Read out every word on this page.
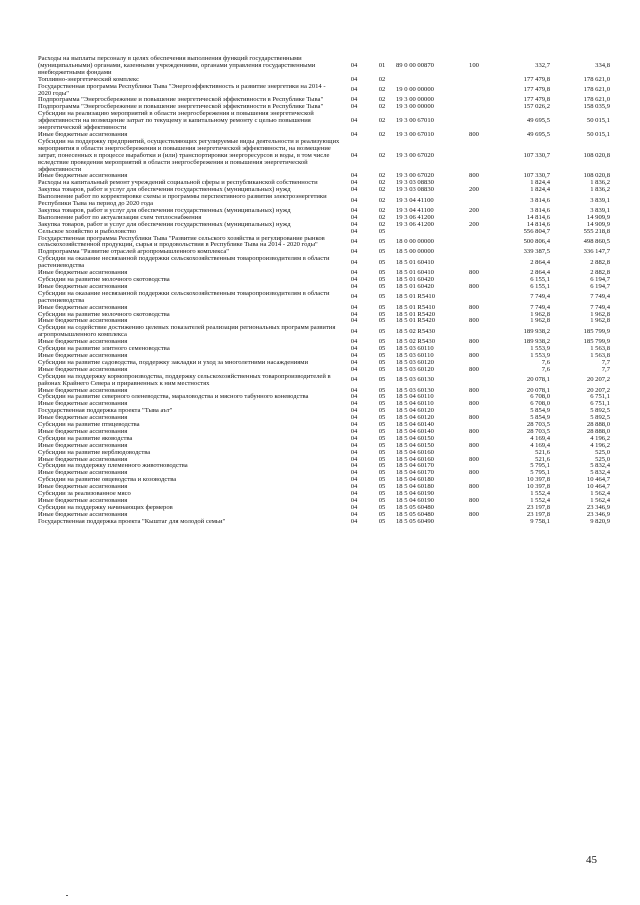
Расходы на выплаты персоналу в целях обеспечения выполнения функций государственными (муниципальными) органами, казенными учреждениями, органами управления государственными внебюджетными фондами	04	01	89 0 00 00870	100	332,7	334,8
Топливно-энергетический комплекс	04	02			177 479,8	178 621,0
Государственная программа Республики Тыва "Энергоэффективность и развитие энергетики на 2014 - 2020 годы"	04	02	19 0 00 00000		177 479,8	178 621,0
Подпрограмма "Энергосбережение и повышение энергетической эффективности в Республике Тыва"	04	02	19 3 00 00000		177 479,8	178 621,0
Подпрограмма "Энергосбережение и повышение энергетической эффективности в Республике Тыва"	04	02	19 3 00 00000		157 026,2	158 035,9
Субсидии на реализацию мероприятий в области энергосбережения и повышения энергетической эффективности на возмещение затрат по текущему и капитальному ремонту с целью повышения энергетической эффективности	04	02	19 3 00 67010		49 695,5	50 015,1
Иные бюджетные ассигнования	04	02	19 3 00 67010	800	49 695,5	50 015,1
Субсидии на поддержку предприятий, осуществляющих регулируемые виды деятельности и реализующих мероприятия в области энергосбережения и повышения энергетической эффективности, на возмещение затрат, понесенных в процессе выработки и (или) транспортировки энергоресурсов и воды, в том числе вследствие проведения мероприятий в области энергосбережения и повышения энергетической эффективности	04	02	19 3 00 67020		107 330,7	108 020,8
Иные бюджетные ассигнования	04	02	19 3 00 67020	800	107 330,7	108 020,8
Расходы на капитальный ремонт учреждений социальной сферы и республиканской собственности	04	02	19 3 03 08830		1 824,4	1 836,2
Закупка товаров, работ и услуг для обеспечения государственных (муниципальных) нужд	04	02	19 3 03 08830	200	1 824,4	1 836,2
Выполнение работ по корректировке схемы и программы перспективного развития электроэнергетики Республики Тыва на период до 2020 года	04	02	19 3 04 41100		3 814,6	3 839,1
Закупка товаров, работ и услуг для обеспечения государственных (муниципальных) нужд	04	02	19 3 04 41100	200	3 814,6	3 839,1
Выполнение работ по актуализации схем теплоснабжения	04	02	19 3 06 41200		14 814,6	14 909,9
Закупка товаров, работ и услуг для обеспечения государственных (муниципальных) нужд	04	02	19 3 06 41200	200	14 814,6	14 909,9
Сельское хозяйство и рыболовство	04	05			556 804,7	555 218,8
Государственная программа Республики Тыва "Развитие сельского хозяйства и регулирование рынков сельскохозяйственной продукции, сырья и продовольствия в Республике Тыва на 2014 - 2020 годы"	04	05	18 0 00 00000		500 806,4	498 860,5
Подпрограмма "Развитие отраслей агропромышленного комплекса"	04	05	18 5 00 00000		339 387,5	336 147,7
Субсидии на оказание несвязанной поддержки сельскохозяйственным товаропроизводителям в области растениеводства	04	05	18 5 01 60410		2 864,4	2 882,8
Иные бюджетные ассигнования	04	05	18 5 01 60410	800	2 864,4	2 882,8
Субсидии на развитие молочного скотоводства	04	05	18 5 01 60420		6 155,1	6 194,7
Иные бюджетные ассигнования	04	05	18 5 01 60420	800	6 155,1	6 194,7
Субсидии на оказание несвязанной поддержки сельскохозяйственным товаропроизводителям в области растениеводства	04	05	18 5 01 R5410		7 749,4	7 749,4
Иные бюджетные ассигнования	04	05	18 5 01 R5410	800	7 749,4	7 749,4
Субсидии на развитие молочного скотоводства	04	05	18 5 01 R5420		1 962,8	1 962,8
Иные бюджетные ассигнования	04	05	18 5 01 R5420	800	1 962,8	1 962,8
Субсидии на содействие достижению целевых показателей реализации региональных программ развития агропромышленного комплекса	04	05	18 5 02 R5430		189 938,2	185 799,9
Иные бюджетные ассигнования	04	05	18 5 02 R5430	800	189 938,2	185 799,9
Субсидии на развитие элитного семеноводства	04	05	18 5 03 60110		1 553,9	1 563,8
Иные бюджетные ассигнования	04	05	18 5 03 60110	800	1 553,9	1 563,8
Субсидии на развитие садоводства, поддержку закладки и уход за многолетними насаждениями	04	05	18 5 03 60120		7,6	7,7
Иные бюджетные ассигнования	04	05	18 5 03 60120	800	7,6	7,7
Субсидии на поддержку кормопроизводства, поддержку сельскохозяйственных товаропроизводителей в районах Крайнего Севера и приравненных к ним местностях	04	05	18 5 03 60130		20 078,1	20 207,2
Иные бюджетные ассигнования	04	05	18 5 03 60130	800	20 078,1	20 207,2
Субсидии на развитие северного оленеводства, мараловодства и мясного табунного коневодства	04	05	18 5 04 60110		6 708,0	6 751,1
Иные бюджетные ассигнования	04	05	18 5 04 60110	800	6 708,0	6 751,1
Государственная поддержка проекта "Тыва аът"	04	05	18 5 04 60120		5 854,9	5 892,5
Иные бюджетные ассигнования	04	05	18 5 04 60120	800	5 854,9	5 892,5
Субсидии на развитие птицеводства	04	05	18 5 04 60140		28 703,5	28 888,0
Иные бюджетные ассигнования	04	05	18 5 04 60140	800	28 703,5	28 888,0
Субсидии на развитие яководства	04	05	18 5 04 60150		4 169,4	4 196,2
Иные бюджетные ассигнования	04	05	18 5 04 60150	800	4 169,4	4 196,2
Субсидии на развитие верблюдоводства	04	05	18 5 04 60160		521,6	525,0
Иные бюджетные ассигнования	04	05	18 5 04 60160	800	521,6	525,0
Субсидии на поддержку племенного животноводства	04	05	18 5 04 60170		5 795,1	5 832,4
Иные бюджетные ассигнования	04	05	18 5 04 60170	800	5 795,1	5 832,4
Субсидии на развитие овцеводства и козоводства	04	05	18 5 04 60180		10 397,8	10 464,7
Иные бюджетные ассигнования	04	05	18 5 04 60180	800	10 397,8	10 464,7
Субсидии за реализованное мясо	04	05	18 5 04 60190		1 552,4	1 562,4
Иные бюджетные ассигнования	04	05	18 5 04 60190	800	1 552,4	1 562,4
Субсидии на поддержку начинающих фермеров	04	05	18 5 05 60480		23 197,8	23 346,9
Иные бюджетные ассигнования	04	05	18 5 05 60480	800	23 197,8	23 346,9
Государственная поддержка проекта "Кыштаг для молодой семьи"	04	05	18 5 05 60490		9 758,1	9 820,9
45
